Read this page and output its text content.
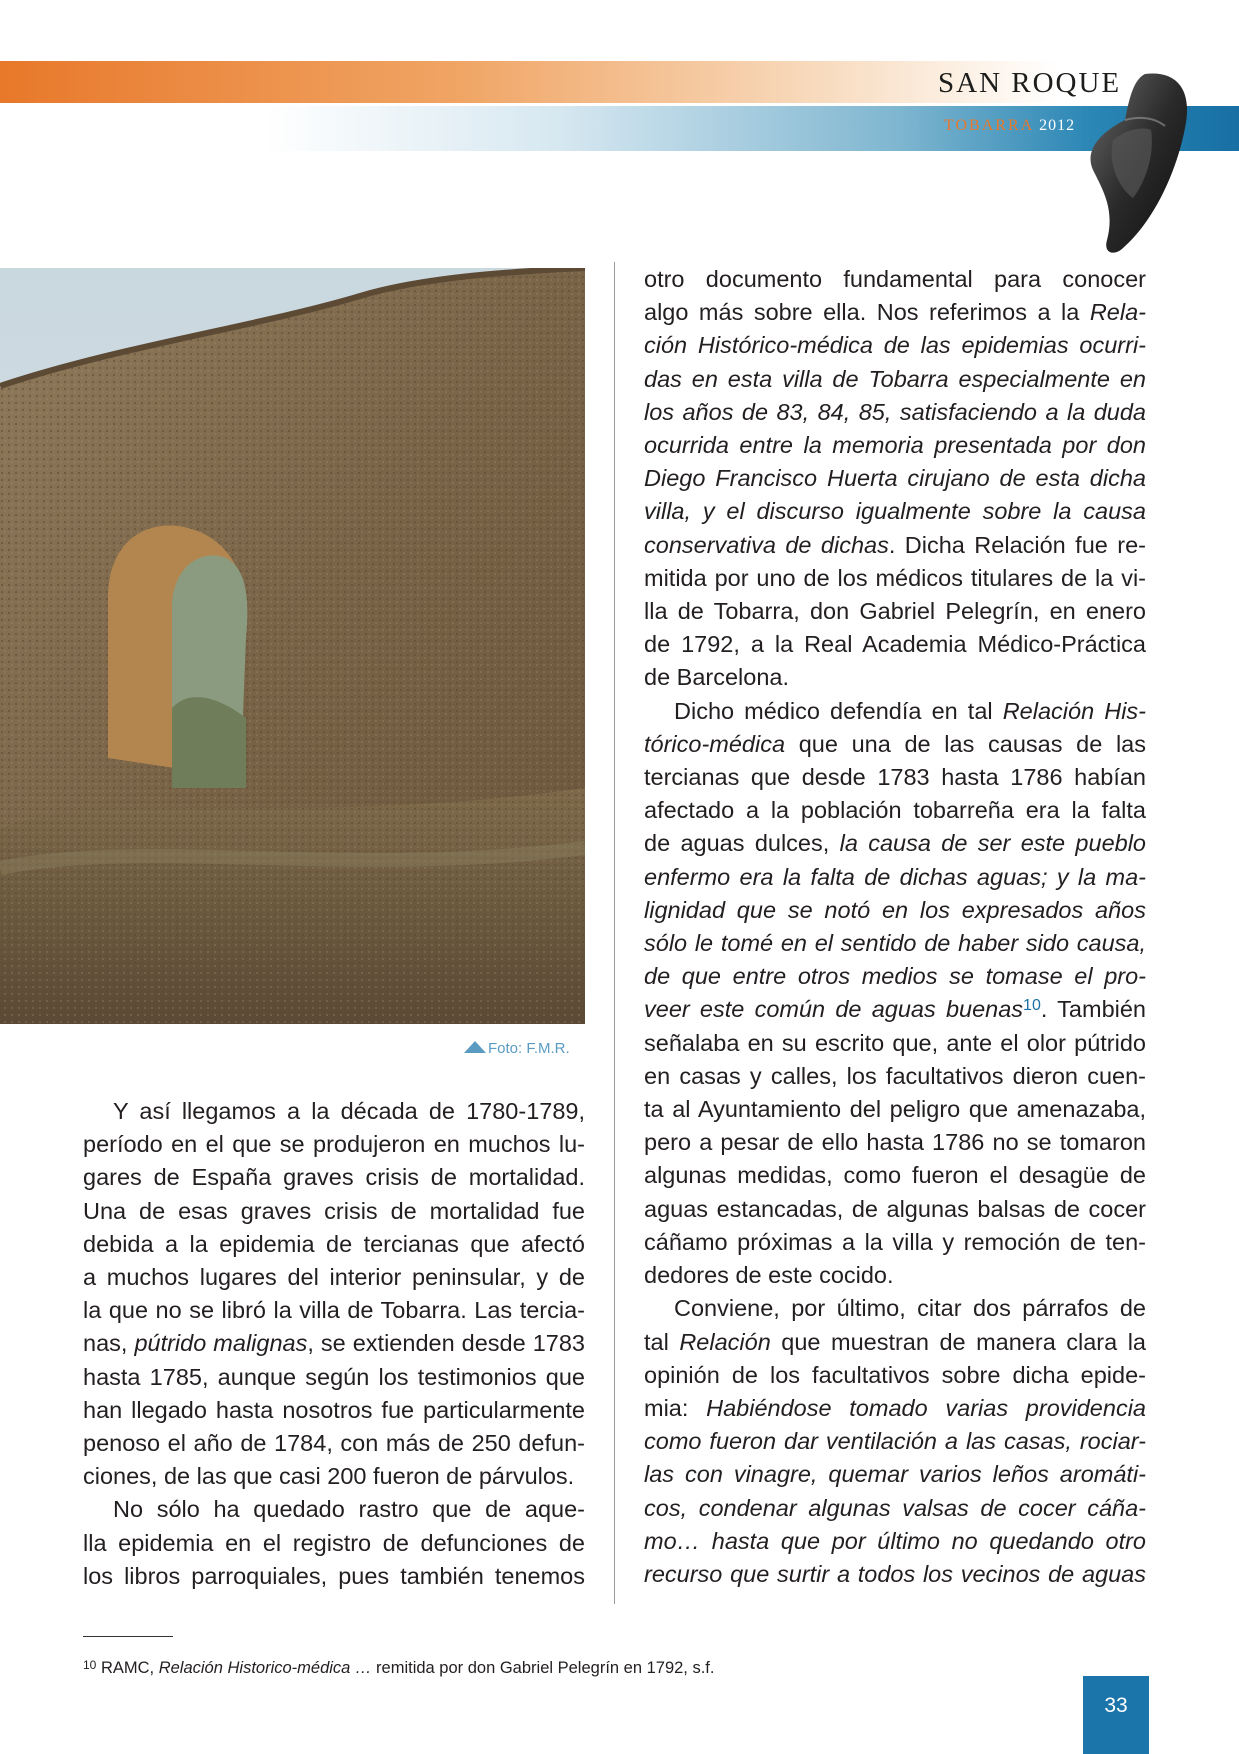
SAN ROQUE
TOBARRA 2012
Foto: F.M.R.
Y así llegamos a la década de 1780-1789,
período en el que se produjeron en muchos lu-
gares de España graves crisis de mortalidad.
Una de esas graves crisis de mortalidad fue
debida a la epidemia de tercianas que afectó
a muchos lugares del interior peninsular, y de
la que no se libró la villa de Tobarra. Las tercia-
nas, pútrido malignas, se extienden desde 1783
hasta 1785, aunque según los testimonios que
han llegado hasta nosotros fue particularmente
penoso el año de 1784, con más de 250 defun-
ciones, de las que casi 200 fueron de párvulos.
No sólo ha quedado rastro que de aque-
lla epidemia en el registro de defunciones de
los libros parroquiales, pues también tenemos
otro documento fundamental para conocer
algo más sobre ella. Nos referimos a la Rela-
ción Histórico-médica de las epidemias ocurri-
das en esta villa de Tobarra especialmente en
los años de 83, 84, 85, satisfaciendo a la duda
ocurrida entre la memoria presentada por don
Diego Francisco Huerta cirujano de esta dicha
villa, y el discurso igualmente sobre la causa
conservativa de dichas. Dicha Relación fue re-
mitida por uno de los médicos titulares de la vi-
lla de Tobarra, don Gabriel Pelegrín, en enero
de 1792, a la Real Academia Médico-Práctica
de Barcelona.
Dicho médico defendía en tal Relación His-
tórico-médica que una de las causas de las
tercianas que desde 1783 hasta 1786 habían
afectado a la población tobarreña era la falta
de aguas dulces, la causa de ser este pueblo
enfermo era la falta de dichas aguas; y la ma-
lignidad que se notó en los expresados años
sólo le tomé en el sentido de haber sido causa,
de que entre otros medios se tomase el pro-
veer este común de aguas buenas$^{10}$. También
señalaba en su escrito que, ante el olor pútrido
en casas y calles, los facultativos dieron cuen-
ta al Ayuntamiento del peligro que amenazaba,
pero a pesar de ello hasta 1786 no se tomaron
algunas medidas, como fueron el desagüe de
aguas estancadas, de algunas balsas de cocer
cáñamo próximas a la villa y remoción de ten-
dedores de este cocido.
Conviene, por último, citar dos párrafos de
tal Relación que muestran de manera clara la
opinión de los facultativos sobre dicha epide-
mia: Habiéndose tomado varias providencia
como fueron dar ventilación a las casas, rociar-
las con vinagre, quemar varios leños aromáti-
cos, condenar algunas valsas de cocer cáña-
mo… hasta que por último no quedando otro
recurso que surtir a todos los vecinos de aguas
$^{10}$ RAMC, Relación Historico-médica … remitida por don Gabriel Pelegrín en 1792, s.f.
33
